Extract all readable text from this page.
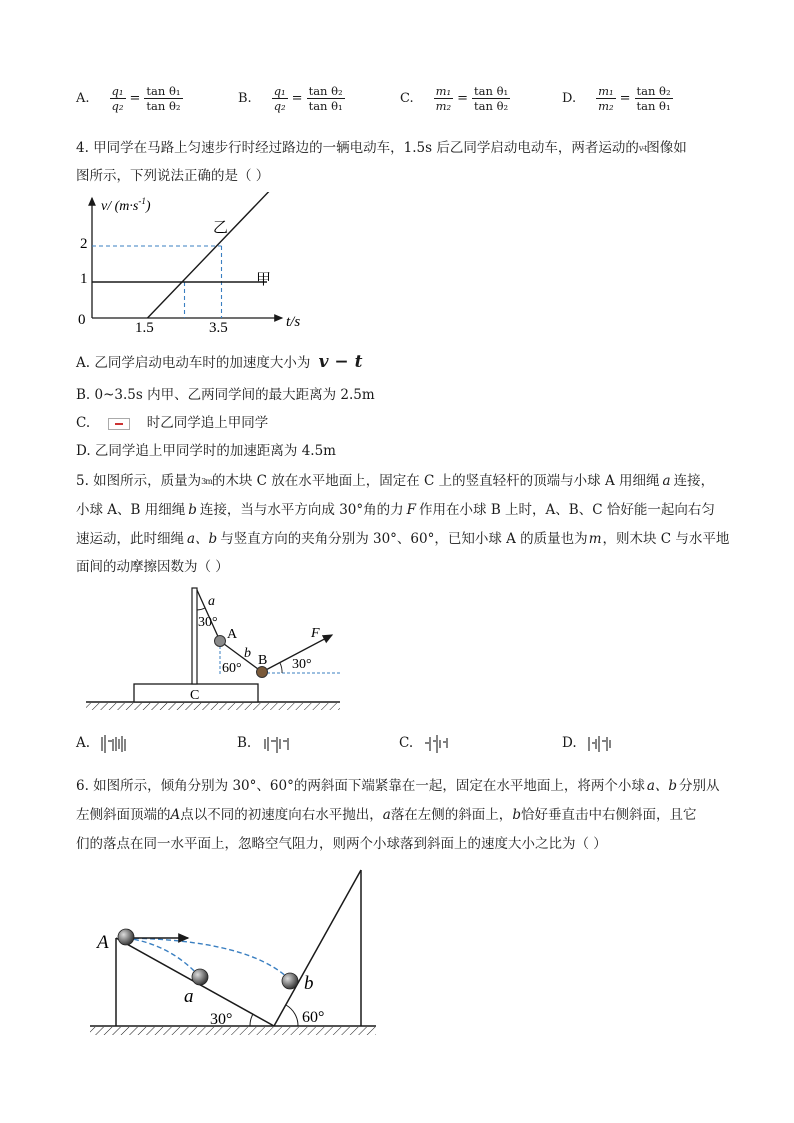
A. $\frac{\text{q₁}}{\text{q₂}} = \frac{\text{tan θ₁}}{\text{tan θ₂}}$	B. $\frac{\text{q₁}}{\text{q₂}} = \frac{\text{tan θ₂}}{\text{tan θ₁}}$	C. $\frac{\text{m₁}}{\text{m₂}} = \frac{\text{tan θ₁}}{\text{tan θ₂}}$	D. $\frac{\text{m₁}}{\text{m₂}} = \frac{\text{tan θ₂}}{\text{tan θ₁}}$
4. 甲同学在马路上匀速步行时经过路边的一辆电动车，1.5s 后乙同学启动电动车，两者运动的v-t图像如
图所示，下列说法正确的是（ ）
v/ $(m\cdot s^{-1})$
2
1
0	1.5	3.5	t/s
乙
甲
A. 乙同学启动电动车时的加速度大小为 v − t
B. 0~3.5s 内甲、乙两同学间的最大距离为 2.5m
C.	时乙同学追上甲同学
D. 乙同学追上甲同学时的加速距离为 4.5m
5. 如图所示，质量为3m的木块 C 放在水平地面上，固定在 C 上的竖直轻杆的顶端与小球 A 用细绳 a 连接，
小球 A、B 用细绳 b 连接，当与水平方向成 30°角的力 F 作用在小球 B 上时，A、B、C 恰好能一起向右匀
速运动，此时细绳 a、b 与竖直方向的夹角分别为 30°、60°，已知小球 A 的质量也为m，则木块 C 与水平地
面间的动摩擦因数为（ ）
C
a
30°
A
b
60°
B 30°
F
A.	B.	C.	D.
6. 如图所示，倾角分别为 30°、60°的两斜面下端紧靠在一起，固定在水平地面上，将两个小球 a、b 分别从
左侧斜面顶端的A点以不同的初速度向右水平抛出，a落在左侧的斜面上，b恰好垂直击中右侧斜面，且它
们的落点在同一水平面上，忽略空气阻力，则两个小球落到斜面上的速度大小之比为（ ）
A
a
b
30°	60°
